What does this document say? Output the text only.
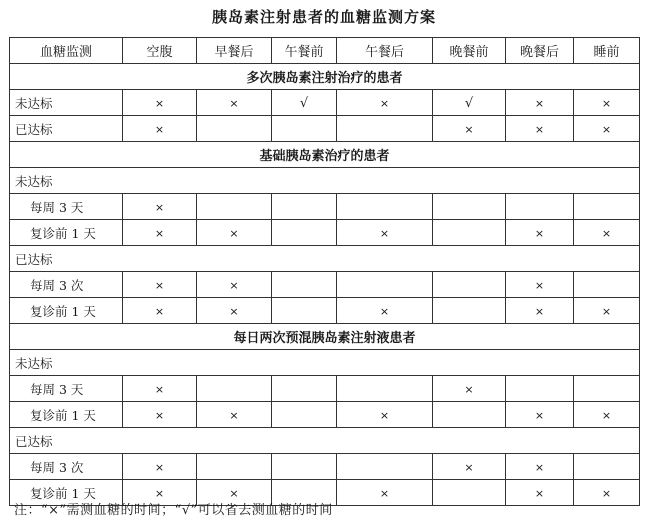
胰岛素注射患者的血糖监测方案
血糖监测	空腹	早餐后	午餐前	午餐后	晚餐前	晚餐后	睡前
多次胰岛素注射治疗的患者							
未达标	×	×	√	×	√	×	×
已达标	×				×	×	×
基础胰岛素治疗的患者							
未达标							
每周 3 天	×						
复诊前 1 天	×	×		×		×	×
已达标							
每周 3 次	×	×				×	
复诊前 1 天	×	×		×		×	×
每日两次预混胰岛素注射液患者							
未达标							
每周 3 天	×				×		
复诊前 1 天	×	×		×		×	×
已达标							
每周 3 次	×				×	×	
复诊前 1 天	×	×		×		×	×
注：“×”需测血糖的时间；“√”可以省去测血糖的时间
